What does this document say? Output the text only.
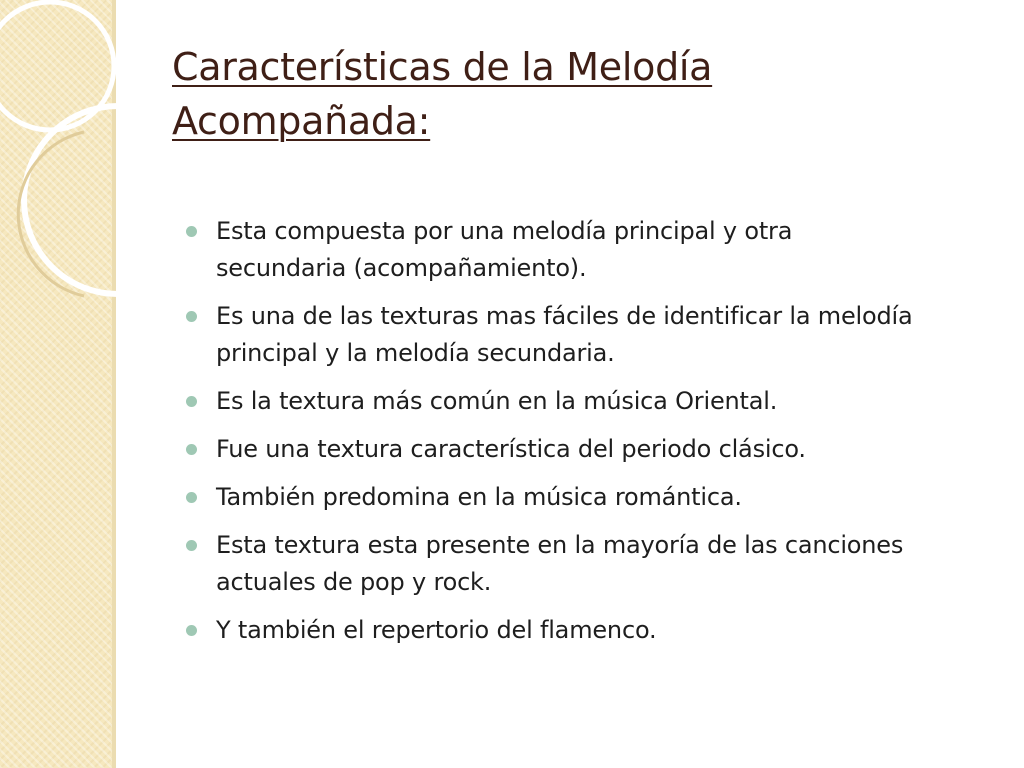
Características de la Melodía Acompañada:
Esta compuesta por una melodía principal y otra secundaria (acompañamiento).
Es una de las texturas mas fáciles de identificar la melodía principal y la melodía secundaria.
Es la textura más común en la música Oriental.
Fue una textura característica del periodo clásico.
También predomina en la música romántica.
Esta textura esta presente en la mayoría de las canciones actuales de pop y rock.
Y también el repertorio del flamenco.
